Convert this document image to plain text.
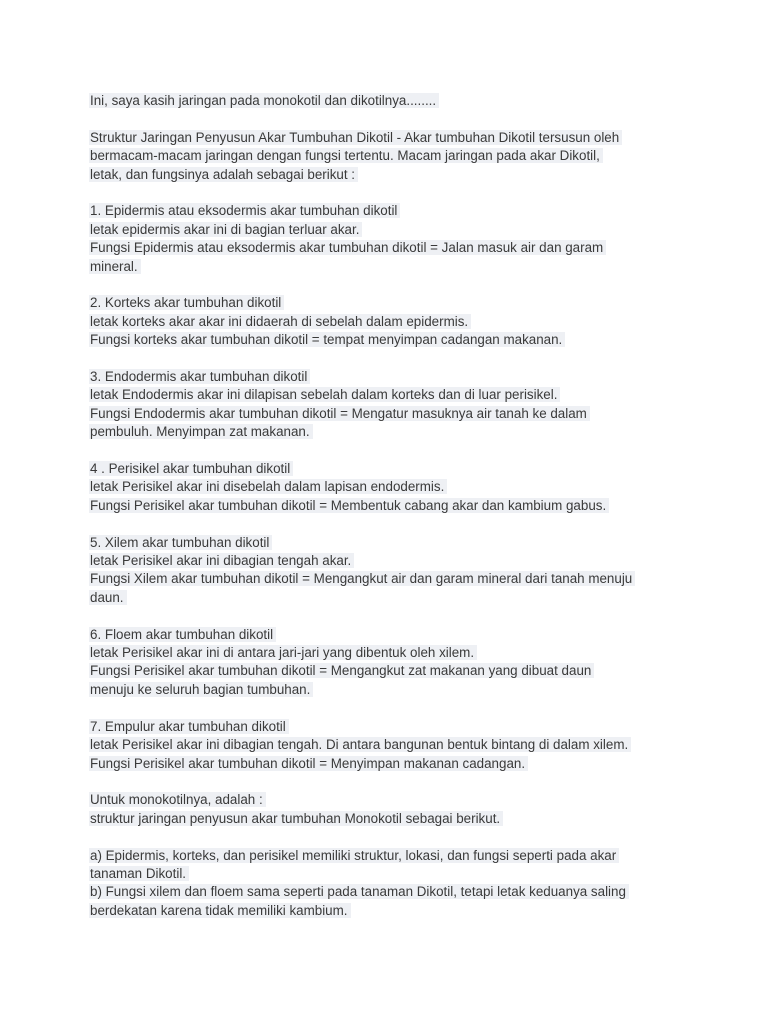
Ini, saya kasih jaringan pada monokotil dan dikotilnya........
Struktur Jaringan Penyusun Akar Tumbuhan Dikotil - Akar tumbuhan Dikotil tersusun oleh
bermacam-macam jaringan dengan fungsi tertentu. Macam jaringan pada akar Dikotil,
letak, dan fungsinya adalah sebagai berikut :
1. Epidermis atau eksodermis akar tumbuhan dikotil
letak epidermis akar ini di bagian terluar akar.
Fungsi Epidermis atau eksodermis akar tumbuhan dikotil = Jalan masuk air dan garam
mineral.
2. Korteks akar tumbuhan dikotil
letak korteks akar akar ini didaerah di sebelah dalam epidermis.
Fungsi korteks akar tumbuhan dikotil = tempat menyimpan cadangan makanan.
3. Endodermis akar tumbuhan dikotil
letak Endodermis akar ini dilapisan sebelah dalam korteks dan di luar perisikel.
Fungsi Endodermis akar tumbuhan dikotil = Mengatur masuknya air tanah ke dalam
pembuluh. Menyimpan zat makanan.
4 . Perisikel akar tumbuhan dikotil
letak Perisikel akar ini disebelah dalam lapisan endodermis.
Fungsi Perisikel akar tumbuhan dikotil = Membentuk cabang akar dan kambium gabus.
5. Xilem akar tumbuhan dikotil
letak Perisikel akar ini dibagian tengah akar.
Fungsi Xilem akar tumbuhan dikotil = Mengangkut air dan garam mineral dari tanah menuju
daun.
6. Floem akar tumbuhan dikotil
letak Perisikel akar ini di antara jari-jari yang dibentuk oleh xilem.
Fungsi Perisikel akar tumbuhan dikotil = Mengangkut zat makanan yang dibuat daun
menuju ke seluruh bagian tumbuhan.
7. Empulur akar tumbuhan dikotil
letak Perisikel akar ini dibagian tengah. Di antara bangunan bentuk bintang di dalam xilem.
Fungsi Perisikel akar tumbuhan dikotil = Menyimpan makanan cadangan.
Untuk monokotilnya, adalah :
struktur jaringan penyusun akar tumbuhan Monokotil sebagai berikut.
a) Epidermis, korteks, dan perisikel memiliki struktur, lokasi, dan fungsi seperti pada akar
tanaman Dikotil.
b) Fungsi xilem dan floem sama seperti pada tanaman Dikotil, tetapi letak keduanya saling
berdekatan karena tidak memiliki kambium.
